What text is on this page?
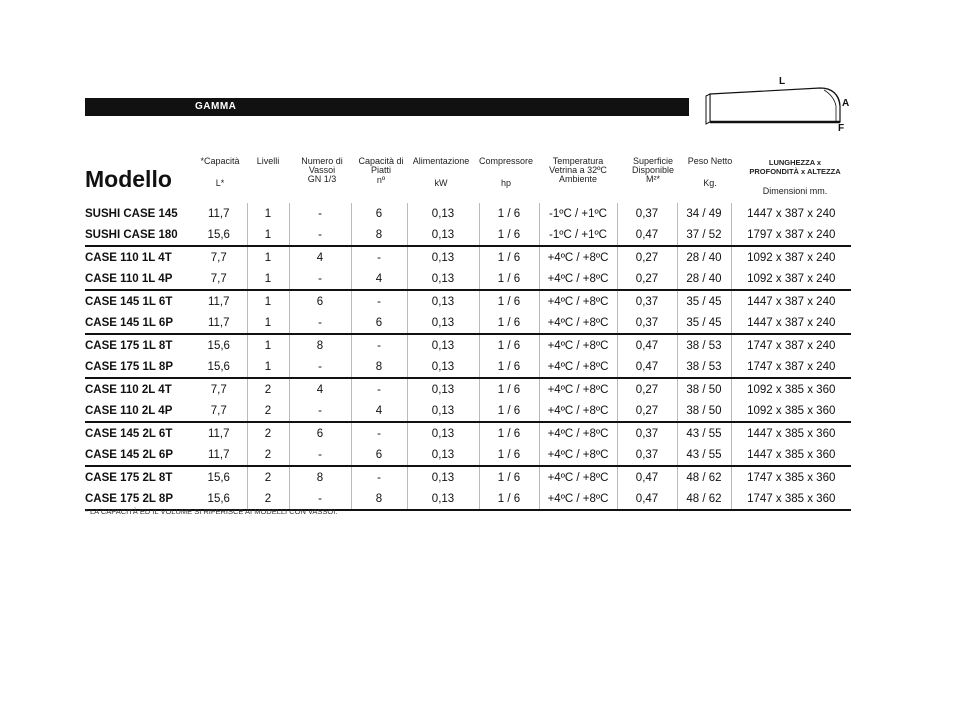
GAMMA
L
A
F
Modello
*Capacità
L*
Livelli	Numero di
Vassoi
GN 1/3
Capacità di
Piatti
nº
Alimentazione
kW
Compressore
hp
Temperatura
Vetrina a 32ºC
Ambiente
Superficie
Disponible
M²*
Peso Netto
Kg.
LUNGHEZZA x
PROFONDITÀ x ALTEZZA
Dimensioni mm.
SUSHI CASE 145	11,7	1	-	6	0,13	1 / 6	-1ºC / +1ºC	0,37	34 / 49	1447 x 387 x 240
SUSHI CASE 180	15,6	1	-	8	0,13	1 / 6	-1ºC / +1ºC	0,47	37 / 52	1797 x 387 x 240
CASE 110 1L 4T	7,7	1	4	-	0,13	1 / 6	+4ºC / +8ºC	0,27	28 / 40	1092 x 387 x 240
CASE 110 1L 4P	7,7	1	-	4	0,13	1 / 6	+4ºC / +8ºC	0,27	28 / 40	1092 x 387 x 240
CASE 145 1L 6T	11,7	1	6	-	0,13	1 / 6	+4ºC / +8ºC	0,37	35 / 45	1447 x 387 x 240
CASE 145 1L 6P	11,7	1	-	6	0,13	1 / 6	+4ºC / +8ºC	0,37	35 / 45	1447 x 387 x 240
CASE 175 1L 8T	15,6	1	8	-	0,13	1 / 6	+4ºC / +8ºC	0,47	38 / 53	1747 x 387 x 240
CASE 175 1L 8P	15,6	1	-	8	0,13	1 / 6	+4ºC / +8ºC	0,47	38 / 53	1747 x 387 x 240
CASE 110 2L 4T	7,7	2	4	-	0,13	1 / 6	+4ºC / +8ºC	0,27	38 / 50	1092 x 385 x 360
CASE 110 2L 4P	7,7	2	-	4	0,13	1 / 6	+4ºC / +8ºC	0,27	38 / 50	1092 x 385 x 360
CASE 145 2L 6T	11,7	2	6	-	0,13	1 / 6	+4ºC / +8ºC	0,37	43 / 55	1447 x 385 x 360
CASE 145 2L 6P	11,7	2	-	6	0,13	1 / 6	+4ºC / +8ºC	0,37	43 / 55	1447 x 385 x 360
CASE 175 2L 8T	15,6	2	8	-	0,13	1 / 6	+4ºC / +8ºC	0,47	48 / 62	1747 x 385 x 360
CASE 175 2L 8P	15,6	2	-	8	0,13	1 / 6	+4ºC / +8ºC	0,47	48 / 62	1747 x 385 x 360
* LA CAPACITÀ ED IL VOLUME SI RIFERISCE AI MODELLI CON VASSOI.
